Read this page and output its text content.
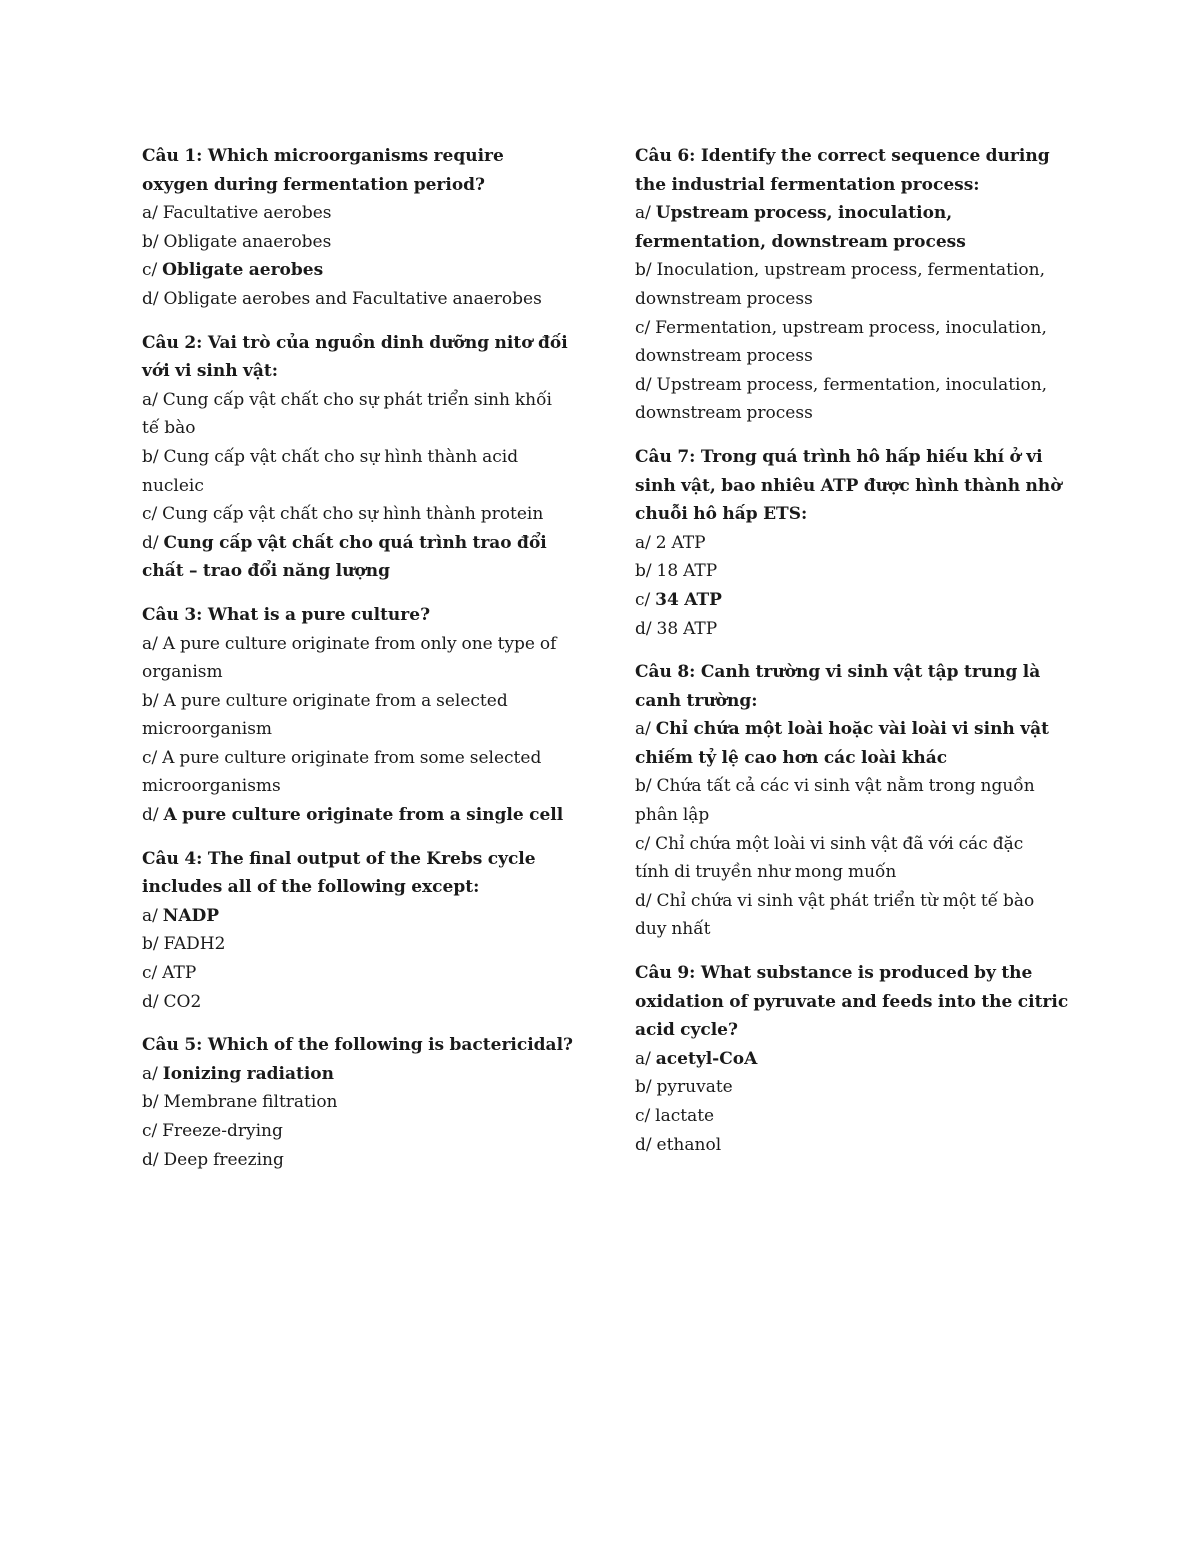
Câu 1: Which microorganisms require

oxygen during fermentation period?

a/ Facultative aerobes

b/ Obligate anaerobes

c/ Obligate aerobes

d/ Obligate aerobes and Facultative anaerobes

Câu 2: Vai trò của nguồn dinh dưỡng nitơ đối

với vi sinh vật:

a/ Cung cấp vật chất cho sự phát triển sinh khối

tế bào

b/ Cung cấp vật chất cho sự hình thành acid

nucleic

c/ Cung cấp vật chất cho sự hình thành protein

d/ Cung cấp vật chất cho quá trình trao đổi

chất – trao đổi năng lượng

Câu 3: What is a pure culture?

a/ A pure culture originate from only one type of

organism

b/ A pure culture originate from a selected

microorganism

c/ A pure culture originate from some selected

microorganisms

d/ A pure culture originate from a single cell

Câu 4: The final output of the Krebs cycle

includes all of the following except:

a/ NADP

b/ FADH2

c/ ATP

d/ CO2

Câu 5: Which of the following is bactericidal?

a/ Ionizing radiation

b/ Membrane filtration

c/ Freeze-drying

d/ Deep freezing

Câu 6: Identify the correct sequence during

the industrial fermentation process:

a/ Upstream process, inoculation,

fermentation, downstream process

b/ Inoculation, upstream process, fermentation,

downstream process

c/ Fermentation, upstream process, inoculation,

downstream process

d/ Upstream process, fermentation, inoculation,

downstream process

Câu 7: Trong quá trình hô hấp hiếu khí ở vi

sinh vật, bao nhiêu ATP được hình thành nhờ

chuỗi hô hấp ETS:

a/ 2 ATP

b/ 18 ATP

c/ 34 ATP

d/ 38 ATP

Câu 8: Canh trường vi sinh vật tập trung là

canh trường:

a/ Chỉ chứa một loài hoặc vài loài vi sinh vật

chiếm tỷ lệ cao hơn các loài khác

b/ Chứa tất cả các vi sinh vật nằm trong nguồn

phân lập

c/ Chỉ chứa một loài vi sinh vật đã với các đặc

tính di truyền như mong muốn

d/ Chỉ chứa vi sinh vật phát triển từ một tế bào

duy nhất

Câu 9: What substance is produced by the

oxidation of pyruvate and feeds into the citric

acid cycle?

a/ acetyl-CoA

b/ pyruvate

c/ lactate

d/ ethanol
